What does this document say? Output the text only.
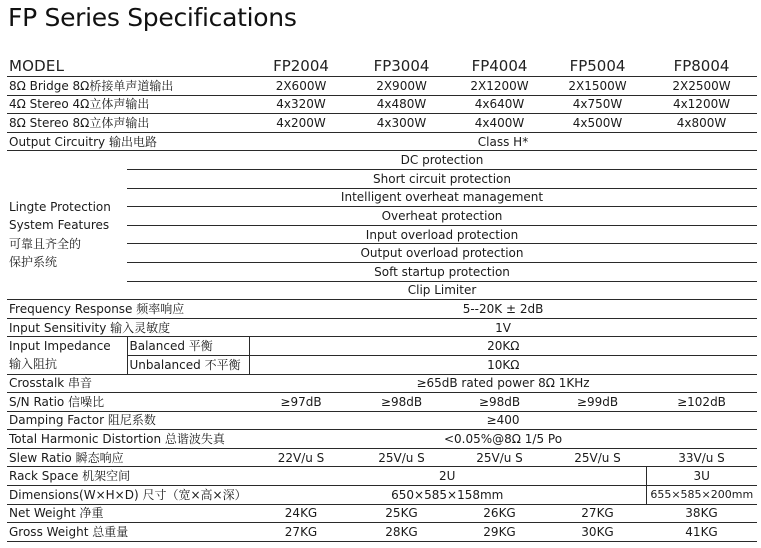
FP Series Specifications
MODEL		FP2004	FP3004	FP4004	FP5004	FP8004
8Ω Bridge 8Ω桥接单声道输出		2X600W	2X900W	2X1200W	2X1500W	2X2500W
4Ω Stereo 4Ω立体声输出		4x320W	4x480W	4x640W	4x750W	4x1200W
8Ω Stereo 8Ω立体声输出		4x200W	4x300W	4x400W	4x500W	4x800W
Output Circuitry 输出电路		Class H*				

Lingte Protection
System Features
可靠且齐全的
保护系统	DC protection					
	Short circuit protection					
	Intelligent overheat management					
	Overheat protection					
	Input overload protection					
	Output overload protection					
	Soft startup protection					
	Clip Limiter					
Frequency Response 频率响应		5--20K ± 2dB				
Input Sensitivity 输入灵敏度		1V				
Input Impedance	Balanced 平衡	20KΩ				
输入阻抗	Unbalanced 不平衡	10KΩ				
Crosstalk 串音		≥65dB rated power 8Ω 1KHz				
S/N Ratio 信噪比		≥97dB	≥98dB	≥98dB	≥99dB	≥102dB
Damping Factor 阻尼系数		≥400				
Total Harmonic Distortion 总谐波失真		<0.05%@8Ω 1/5 Po				
Slew Ratio 瞬态响应		22V/u S	25V/u S	25V/u S	25V/u S	33V/u S
Rack Space 机架空间		2U				3U
Dimensions(W×H×D) 尺寸（宽×高×深）		650×585×158mm				655×585×200mm
Net Weight 净重		24KG	25KG	26KG	27KG	38KG
Gross Weight 总重量		27KG	28KG	29KG	30KG	41KG
